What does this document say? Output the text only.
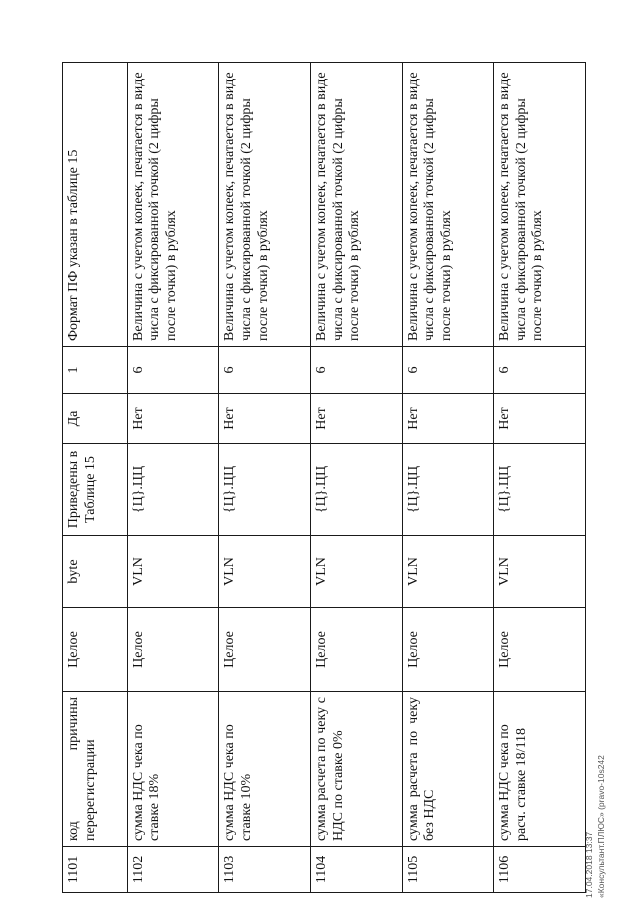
1101	код причины перерегистрации	Целое	byte	Приведены в Таблице 15	Да	1	Формат ПФ указан в таблице 15
1102	сумма НДС чека по ставке 18%	Целое	VLN	{Ц}.ЦЦ	Нет	6	Величина с учетом копеек, печатается в виде числа с фиксированной точкой (2 цифры после точки) в рублях
1103	сумма НДС чека по ставке 10%	Целое	VLN	{Ц}.ЦЦ	Нет	6	Величина с учетом копеек, печатается в виде числа с фиксированной точкой (2 цифры после точки) в рублях
1104	сумма расчета по чеку с НДС по ставке 0%	Целое	VLN	{Ц}.ЦЦ	Нет	6	Величина с учетом копеек, печатается в виде числа с фиксированной точкой (2 цифры после точки) в рублях
1105	сумма расчета по чеку без НДС	Целое	VLN	{Ц}.ЦЦ	Нет	6	Величина с учетом копеек, печатается в виде числа с фиксированной точкой (2 цифры после точки) в рублях
1106	сумма НДС чека по расч. ставке 18/118	Целое	VLN	{Ц}.ЦЦ	Нет	6	Величина с учетом копеек, печатается в виде числа с фиксированной точкой (2 цифры после точки) в рублях
17.04.2018 13:37 «Консультант.ПЛЮС» (pravo-10s242
